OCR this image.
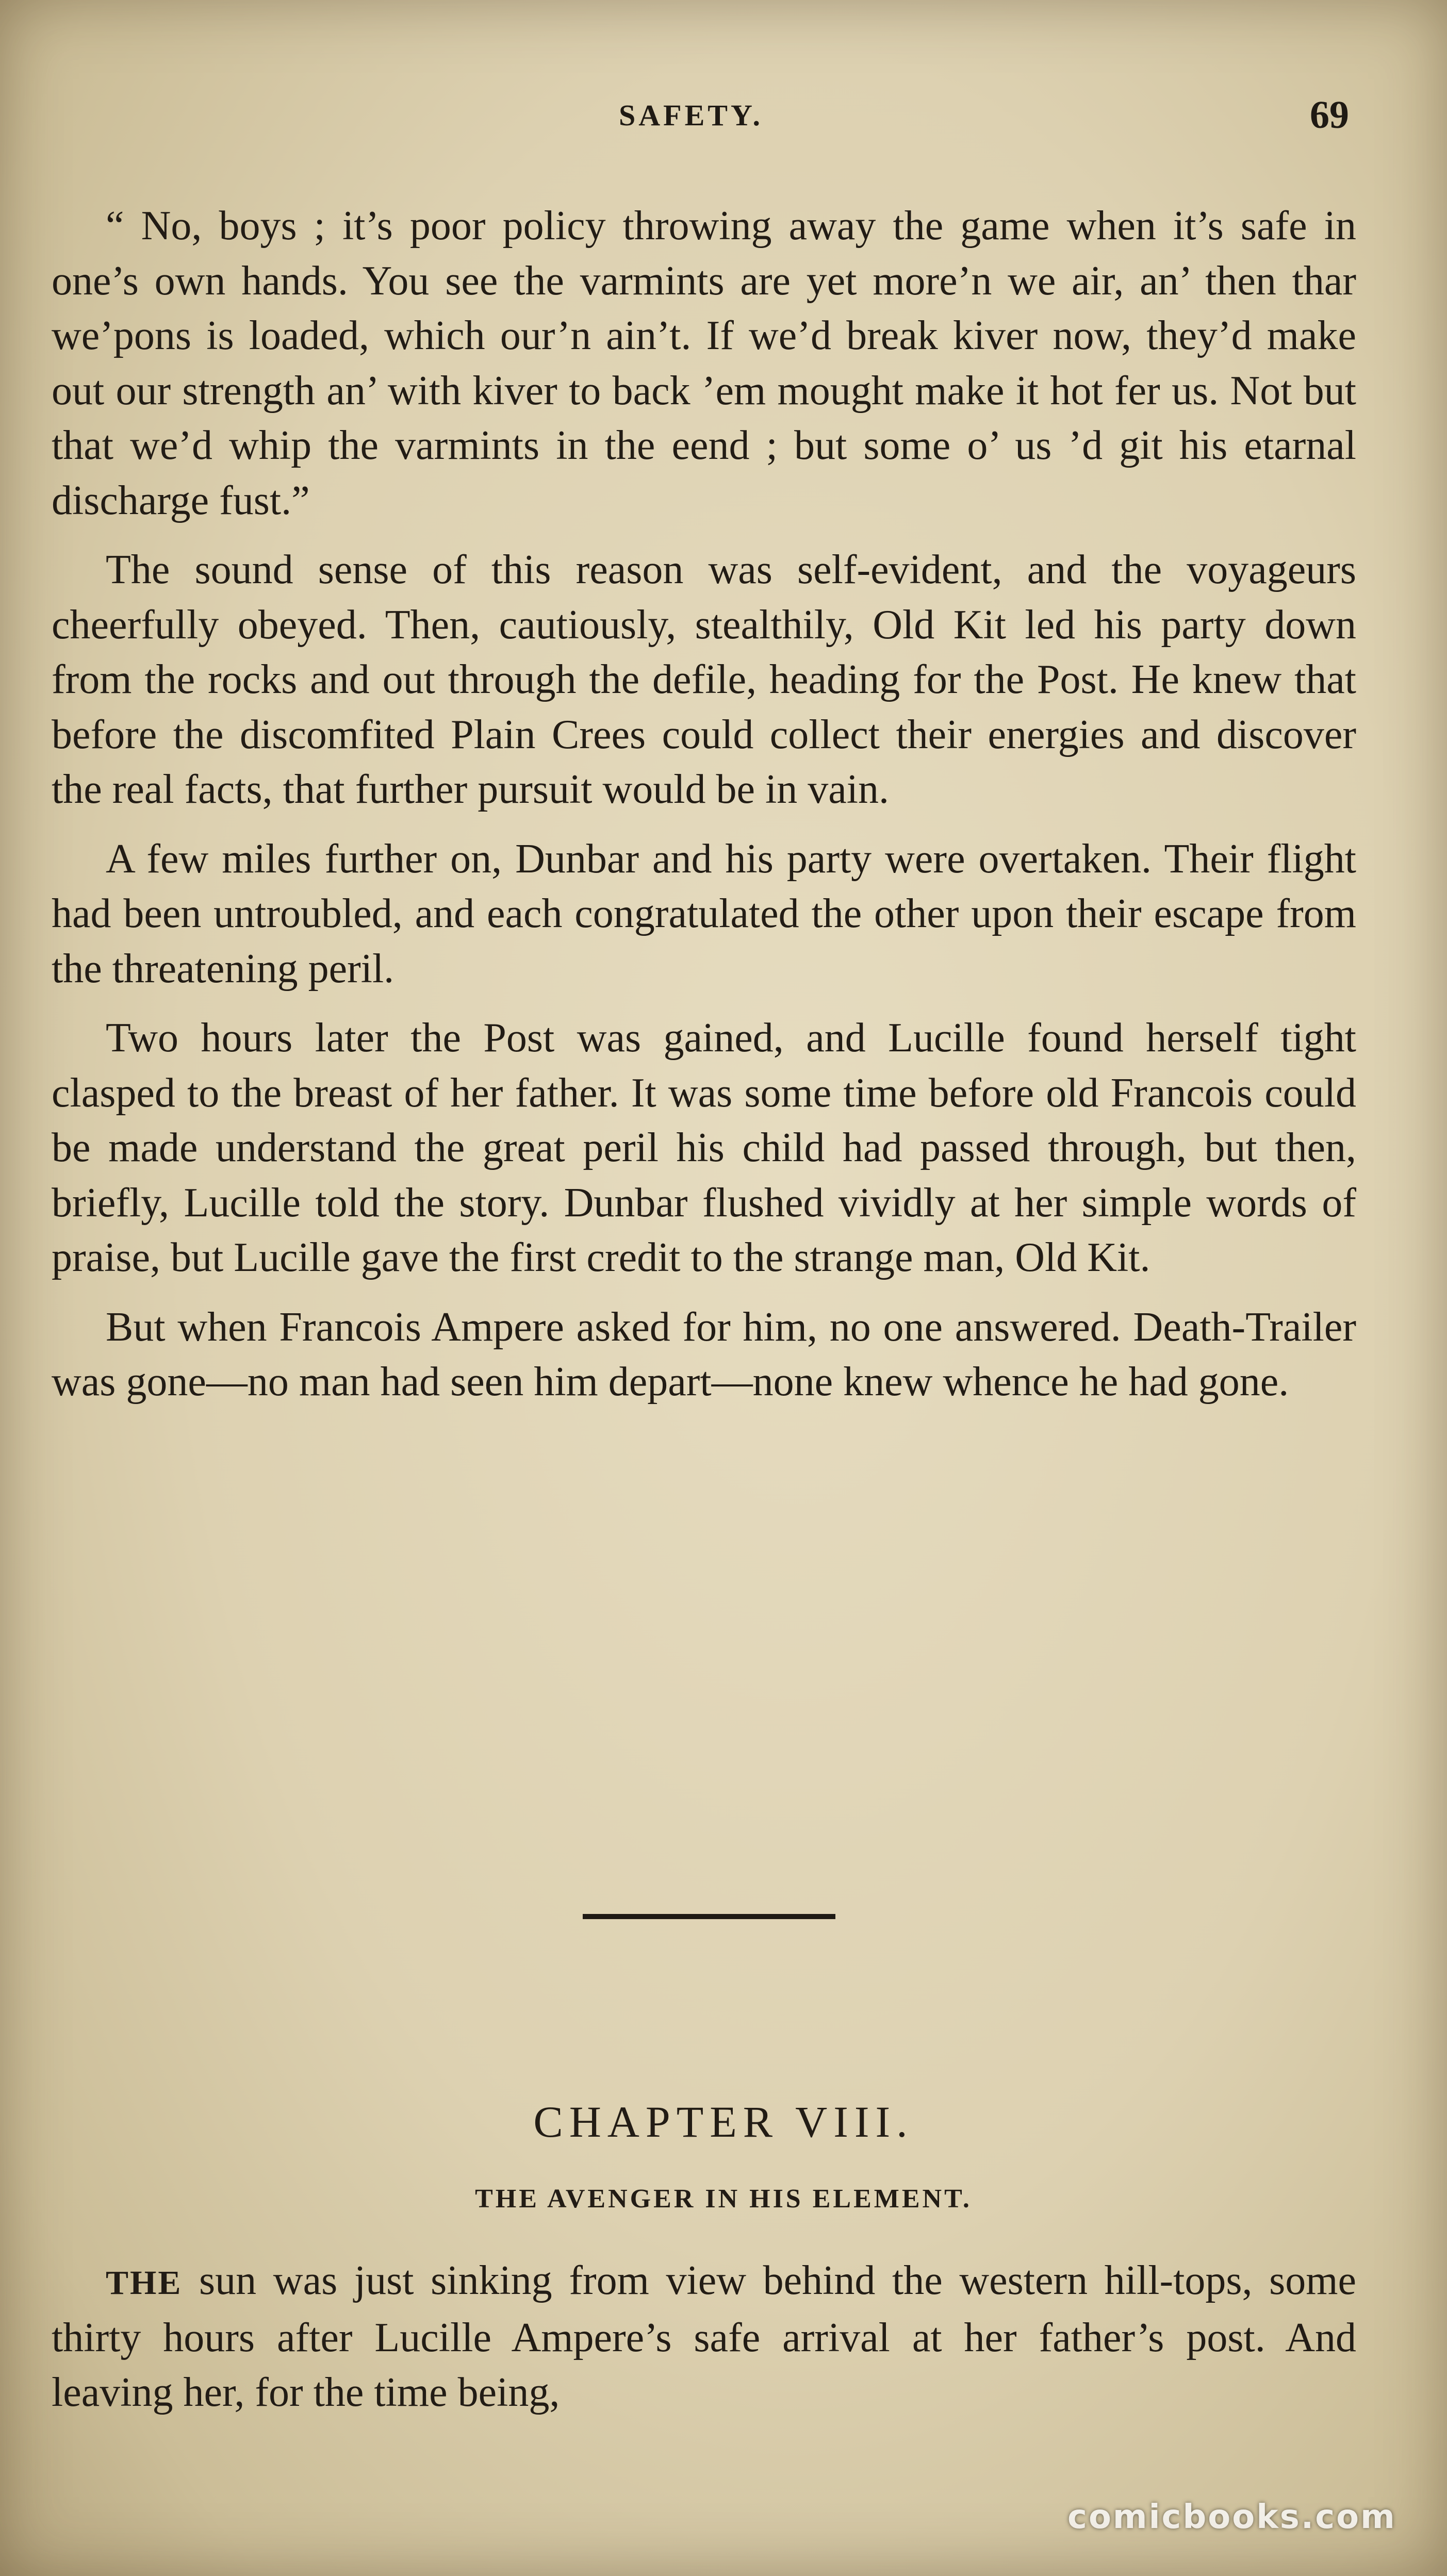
SAFETY.	69

“ No, boys ; it’s poor policy throwing away the game when it’s safe in one’s own hands. You see the varmints are yet more’n we air, an’ then thar we’pons is loaded, which our’n ain’t. If we’d break kiver now, they’d make out our strength an’ with kiver to back ’em mought make it hot fer us. Not but that we’d whip the varmints in the eend ; but some o’ us ’d git his etarnal discharge fust.”

The sound sense of this reason was self-evident, and the voyageurs cheerfully obeyed. Then, cautiously, stealthily, Old Kit led his party down from the rocks and out through the defile, heading for the Post. He knew that before the discomfited Plain Crees could collect their energies and discover the real facts, that further pursuit would be in vain.

A few miles further on, Dunbar and his party were overtaken. Their flight had been untroubled, and each congratulated the other upon their escape from the threatening peril.

Two hours later the Post was gained, and Lucille found herself tight clasped to the breast of her father. It was some time before old Francois could be made understand the great peril his child had passed through, but then, briefly, Lucille told the story. Dunbar flushed vividly at her simple words of praise, but Lucille gave the first credit to the strange man, Old Kit.

But when Francois Ampere asked for him, no one answered. Death-Trailer was gone—no man had seen him depart—none knew whence he had gone.

CHAPTER VIII.
THE AVENGER IN HIS ELEMENT.

THE sun was just sinking from view behind the western hill-tops, some thirty hours after Lucille Ampere’s safe arrival at her father’s post. And leaving her, for the time being,

comicbooks.com
